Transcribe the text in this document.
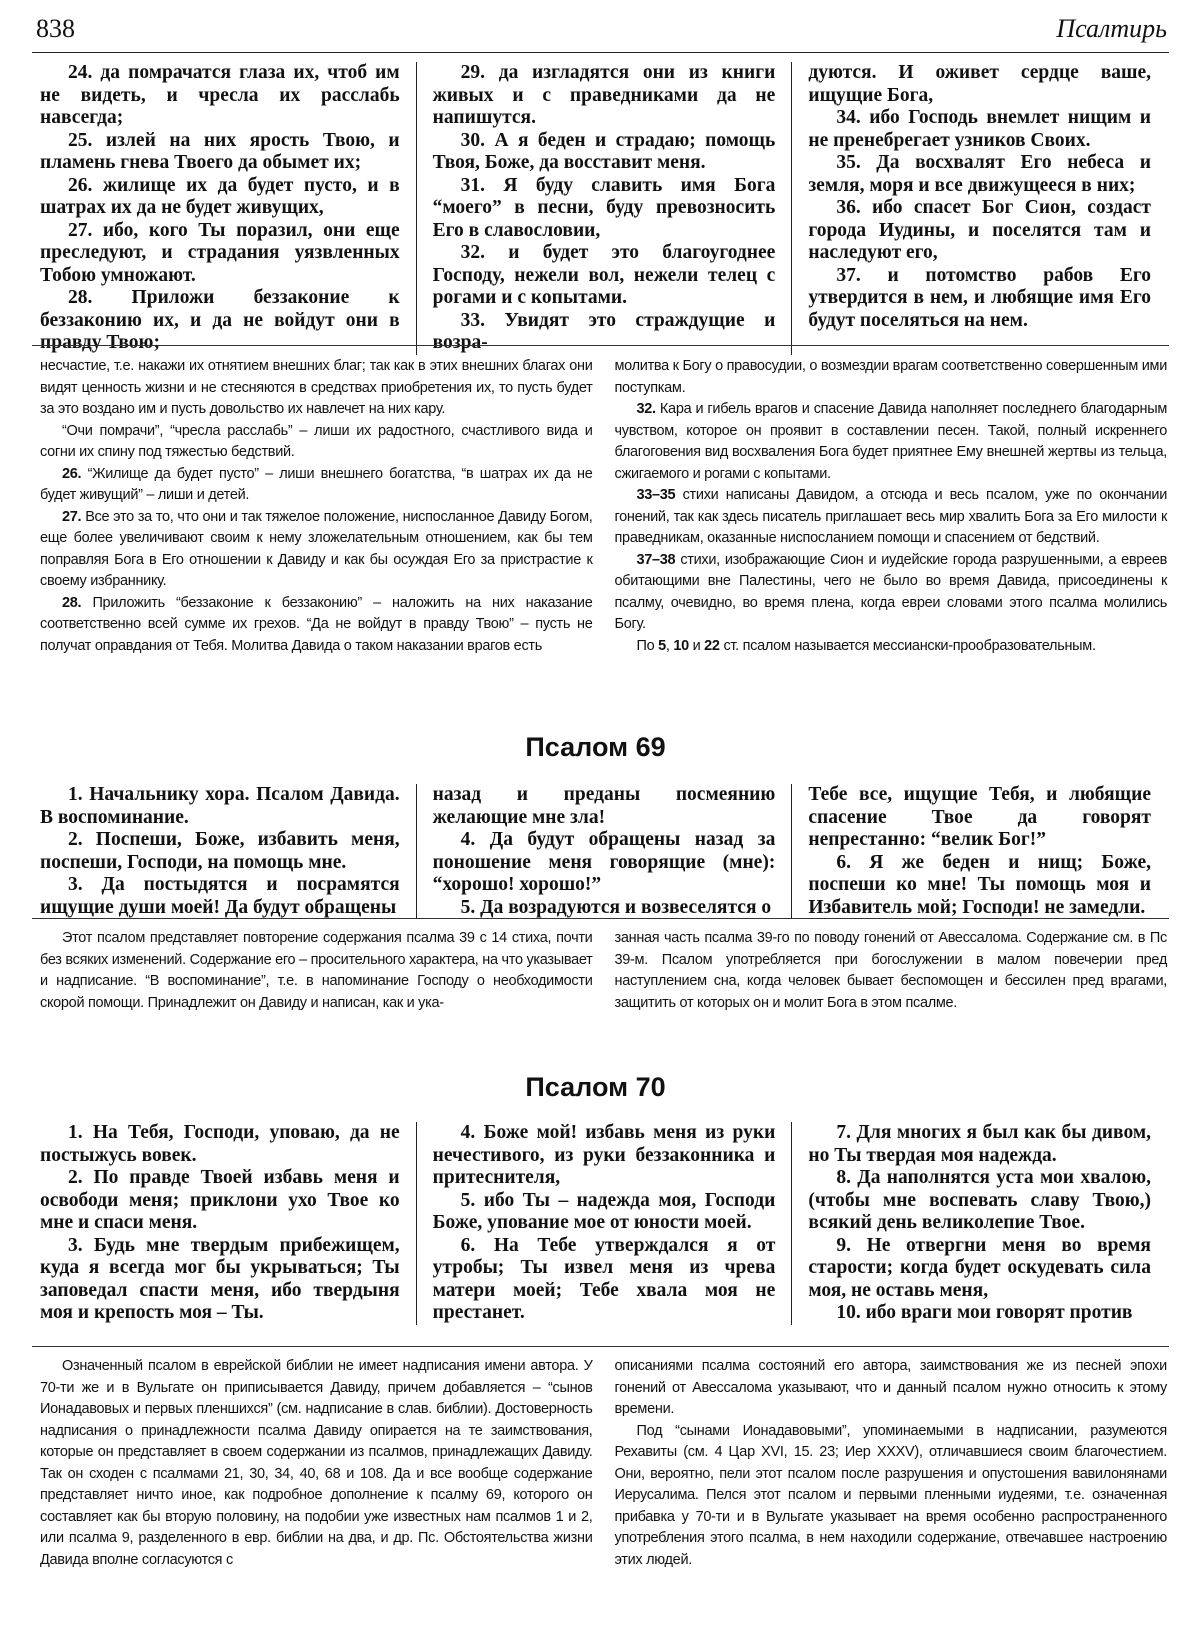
838	Псалтирь

24. да помрачатся глаза их, чтоб им не видеть, и чресла их расслабь навсегда;

25. излей на них ярость Твою, и пламень гнева Твоего да обымет их;

26. жилище их да будет пусто, и в шатрах их да не будет живущих,

27. ибо, кого Ты поразил, они еще преследуют, и страдания уязвленных Тобою умножают.

28. Приложи беззаконие к беззаконию их, и да не войдут они в правду Твою;

29. да изгладятся они из книги живых и с праведниками да не напишутся.

30. А я беден и страдаю; помощь Твоя, Боже, да восставит меня.

31. Я буду славить имя Бога “моего” в песни, буду превозносить Его в славословии,

32. и будет это благоугоднее Господу, нежели вол, нежели телец с рогами и с копытами.

33. Увидят это страждущие и возра-

дуются. И оживет сердце ваше, ищущие Бога,

34. ибо Господь внемлет нищим и не пренебрегает узников Своих.

35. Да восхвалят Его небеса и земля, моря и все движущееся в них;

36. ибо спасет Бог Сион, создаст города Иудины, и поселятся там и наследуют его,

37. и потомство рабов Его утвердится в нем, и любящие имя Его будут поселяться на нем.

несчастие, т.е. накажи их отнятием внешних благ; так как в этих внешних благах они видят ценность жизни и не стесняются в средствах приобретения их, то пусть будет за это воздано им и пусть довольство их навлечет на них кару.

“Очи помрачи”, “чресла расслабь” – лиши их радостного, счастливого вида и согни их спину под тяжестью бедствий.

26. “Жилище да будет пусто” – лиши внешнего богатства, “в шатрах их да не будет живущий” – лиши и детей.

27. Все это за то, что они и так тяжелое положение, ниспосланное Давиду Богом, еще более увеличивают своим к нему зложелательным отношением, как бы тем поправляя Бога в Его отношении к Давиду и как бы осуждая Его за пристрастие к своему избраннику.

28. Приложить “беззаконие к беззаконию” – наложить на них наказание соответственно всей сумме их грехов. “Да не войдут в правду Твою” – пусть не получат оправдания от Тебя. Молитва Давида о таком наказании врагов есть

молитва к Богу о правосудии, о возмездии врагам соответственно совершенным ими поступкам.

32. Кара и гибель врагов и спасение Давида наполняет последнего благодарным чувством, которое он проявит в составлении песен. Такой, полный искреннего благоговения вид восхваления Бога будет приятнее Ему внешней жертвы из тельца, сжигаемого и рогами с копытами.

33–35 стихи написаны Давидом, а отсюда и весь псалом, уже по окончании гонений, так как здесь писатель приглашает весь мир хвалить Бога за Его милости к праведникам, оказанные ниспосланием помощи и спасением от бедствий.

37–38 стихи, изображающие Сион и иудейские города разрушенными, а евреев обитающими вне Палестины, чего не было во время Давида, присоединены к псалму, очевидно, во время плена, когда евреи словами этого псалма молились Богу.

По 5, 10 и 22 ст. псалом называется мессиански-прообразовательным.

Псалом 69

1. Начальнику хора. Псалом Давида. В воспоминание.

2. Поспеши, Боже, избавить меня, поспеши, Господи, на помощь мне.

3. Да постыдятся и посрамятся ищущие души моей! Да будут обращены

назад и преданы посмеянию желающие мне зла!

4. Да будут обращены назад за поношение меня говорящие (мне): “хорошо! хорошо!”

5. Да возрадуются и возвеселятся о

Тебе все, ищущие Тебя, и любящие спасение Твое да говорят непрестанно: “велик Бог!”

6. Я же беден и нищ; Боже, поспеши ко мне! Ты помощь моя и Избавитель мой; Господи! не замедли.

Этот псалом представляет повторение содержания псалма 39 с 14 стиха, почти без всяких изменений. Содержание его – просительного характера, на что указывает и надписание. “В воспоминание”, т.е. в напоминание Господу о необходимости скорой помощи. Принадлежит он Давиду и написан, как и ука-

занная часть псалма 39-го по поводу гонений от Авессалома. Содержание см. в Пс 39-м. Псалом употребляется при богослужении в малом повечерии пред наступлением сна, когда человек бывает беспомощен и бессилен пред врагами, защитить от которых он и молит Бога в этом псалме.

Псалом 70

1. На Тебя, Господи, уповаю, да не постыжусь вовек.

2. По правде Твоей избавь меня и освободи меня; приклони ухо Твое ко мне и спаси меня.

3. Будь мне твердым прибежищем, куда я всегда мог бы укрываться; Ты заповедал спасти меня, ибо твердыня моя и крепость моя – Ты.

4. Боже мой! избавь меня из руки нечестивого, из руки беззаконника и притеснителя,

5. ибо Ты – надежда моя, Господи Боже, упование мое от юности моей.

6. На Тебе утверждался я от утробы; Ты извел меня из чрева матери моей; Тебе хвала моя не престанет.

7. Для многих я был как бы дивом, но Ты твердая моя надежда.

8. Да наполнятся уста мои хвалою, (чтобы мне воспевать славу Твою,) всякий день великолепие Твое.

9. Не отвергни меня во время старости; когда будет оскудевать сила моя, не оставь меня,

10. ибо враги мои говорят против

Означенный псалом в еврейской библии не имеет надписания имени автора. У 70-ти же и в Вульгате он приписывается Давиду, причем добавляется – “сынов Ионадавовых и первых пленшихся” (см. надписание в слав. библии). Достоверность надписания о принадлежности псалма Давиду опирается на те заимствования, которые он представляет в своем содержании из псалмов, принадлежащих Давиду. Так он сходен с псалмами 21, 30, 34, 40, 68 и 108. Да и все вообще содержание представляет ничто иное, как подробное дополнение к псалму 69, которого он составляет как бы вторую половину, на подобии уже известных нам псалмов 1 и 2, или псалма 9, разделенного в евр. библии на два, и др. Пс. Обстоятельства жизни Давида вполне согласуются с

описаниями псалма состояний его автора, заимствования же из песней эпохи гонений от Авессалома указывают, что и данный псалом нужно относить к этому времени.

Под “сынами Ионадавовыми”, упоминаемыми в надписании, разумеются Рехавиты (см. 4 Цар XVI, 15. 23; Иер XXXV), отличавшиеся своим благочестием. Они, вероятно, пели этот псалом после разрушения и опустошения вавилонянами Иерусалима. Пелся этот псалом и первыми пленными иудеями, т.е. означенная прибавка у 70-ти и в Вульгате указывает на время особенно распространенного употребления этого псалма, в нем находили содержание, отвечавшее настроению этих людей.
